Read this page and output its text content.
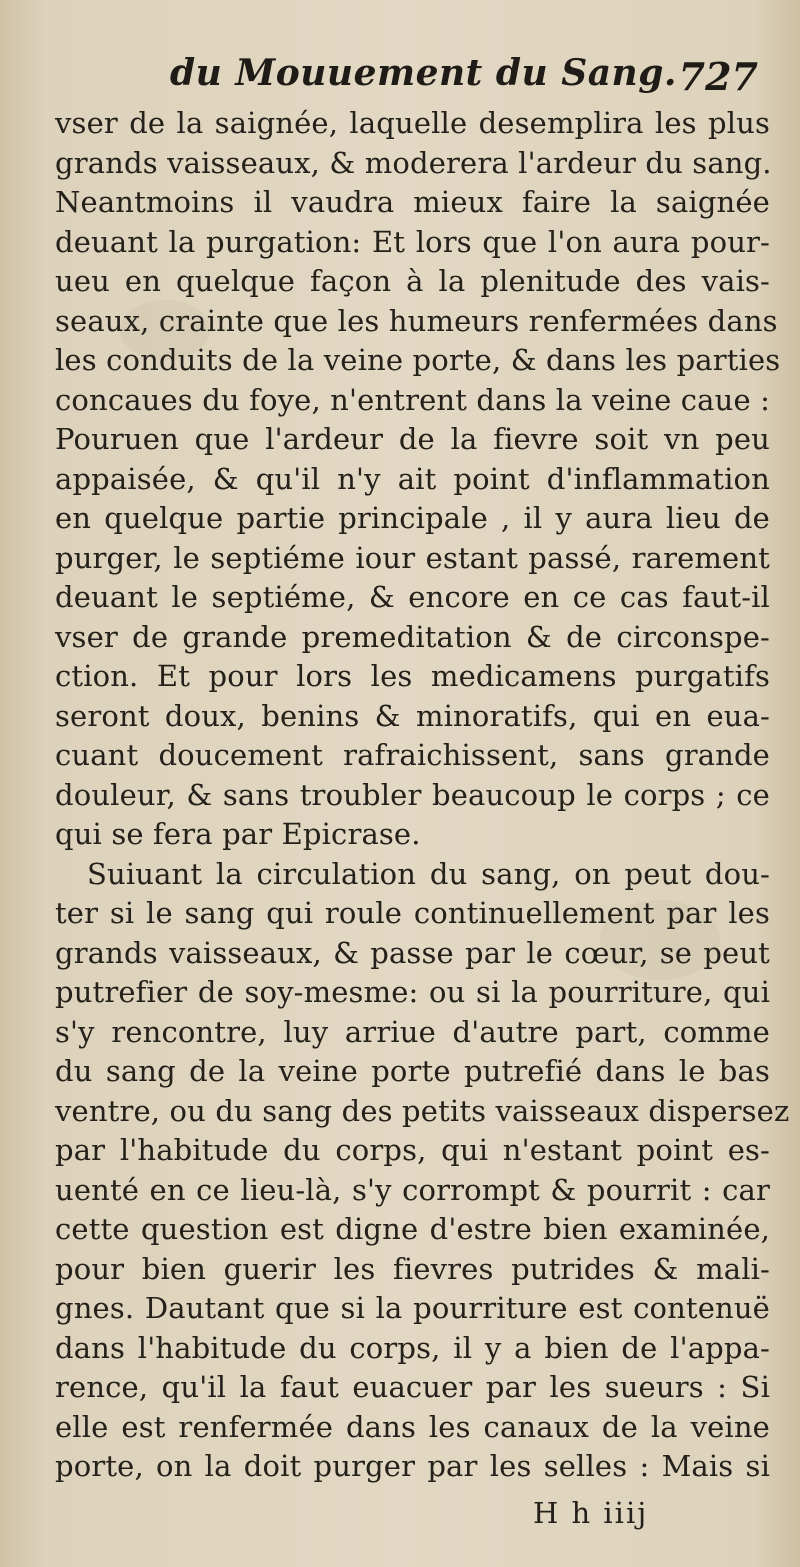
du Mouuement du Sang. 727
vser de la saignée, laquelle desemplira les plus
grands vaisseaux, & moderera l'ardeur du sang.
Neantmoins il vaudra mieux faire la saignée
deuant la purgation: Et lors que l'on aura pour-
ueu en quelque façon à la plenitude des vais-
seaux, crainte que les humeurs renfermées dans
les conduits de la veine porte, & dans les parties
concaues du foye, n'entrent dans la veine caue :
Pouruen que l'ardeur de la fievre soit vn peu
appaisée, & qu'il n'y ait point d'inflammation
en quelque partie principale , il y aura lieu de
purger, le septiéme iour estant passé, rarement
deuant le septiéme, & encore en ce cas faut-il
vser de grande premeditation & de circonspe-
ction. Et pour lors les medicamens purgatifs
seront doux, benins & minoratifs, qui en eua-
cuant doucement rafraichissent, sans grande
douleur, & sans troubler beaucoup le corps ; ce
qui se fera par Epicrase.
Suiuant la circulation du sang, on peut dou-
ter si le sang qui roule continuellement par les
grands vaisseaux, & passe par le cœur, se peut
putrefier de soy-mesme: ou si la pourriture, qui
s'y rencontre, luy arriue d'autre part, comme
du sang de la veine porte putrefié dans le bas
ventre, ou du sang des petits vaisseaux dispersez
par l'habitude du corps, qui n'estant point es-
uenté en ce lieu-là, s'y corrompt & pourrit : car
cette question est digne d'estre bien examinée,
pour bien guerir les fievres putrides & mali-
gnes. Dautant que si la pourriture est contenuë
dans l'habitude du corps, il y a bien de l'appa-
rence, qu'il la faut euacuer par les sueurs : Si
elle est renfermée dans les canaux de la veine
porte, on la doit purger par les selles : Mais si
H h iiij
